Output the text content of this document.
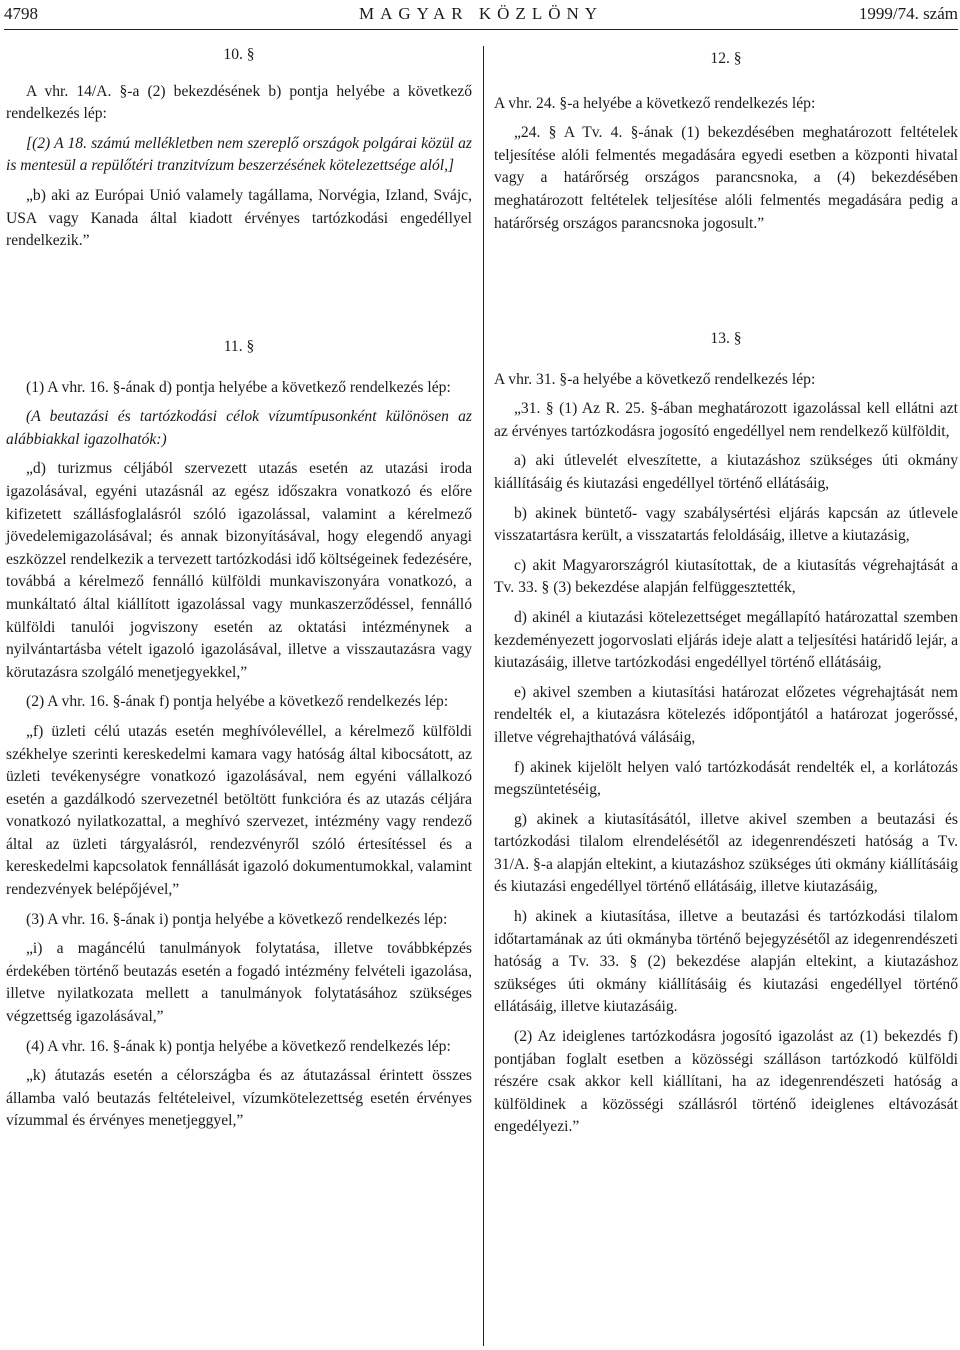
4798	MAGYAR KÖZLÖNY	1999/74. szám

10. §

A vhr. 14/A. §-a (2) bekezdésének b) pontja helyébe a következő rendelkezés lép:

[(2) A 18. számú mellékletben nem szereplő országok polgárai közül az is mentesül a repülőtéri tranzitvízum beszerzésének kötelezettsége alól,]

„b) aki az Európai Unió valamely tagállama, Norvégia, Izland, Svájc, USA vagy Kanada által kiadott érvényes tartózkodási engedéllyel rendelkezik.”

11. §

(1) A vhr. 16. §-ának d) pontja helyébe a következő rendelkezés lép:

(A beutazási és tartózkodási célok vízumtípusonként különösen az alábbiakkal igazolhatók:)

„d) turizmus céljából szervezett utazás esetén az utazási iroda igazolásával, egyéni utazásnál az egész időszakra vonatkozó és előre kifizetett szállásfoglalásról szóló igazolással, valamint a kérelmező jövedelemigazolásával; és annak bizonyításával, hogy elegendő anyagi eszközzel rendelkezik a tervezett tartózkodási idő költségeinek fedezésére, továbbá a kérelmező fennálló külföldi munkaviszonyára vonatkozó, a munkáltató által kiállított igazolással vagy munkaszerződéssel, fennálló külföldi tanulói jogviszony esetén az oktatási intézménynek a nyilvántartásba vételt igazoló igazolásával, illetve a visszautazásra vagy körutazásra szolgáló menetjegyekkel,”

(2) A vhr. 16. §-ának f) pontja helyébe a következő rendelkezés lép:

„f) üzleti célú utazás esetén meghívólevéllel, a kérelmező külföldi székhelye szerinti kereskedelmi kamara vagy hatóság által kibocsátott, az üzleti tevékenységre vonatkozó igazolásával, nem egyéni vállalkozó esetén a gazdálkodó szervezetnél betöltött funkcióra és az utazás céljára vonatkozó nyilatkozattal, a meghívó szervezet, intézmény vagy rendező által az üzleti tárgyalásról, rendezvényről szóló értesítéssel és a kereskedelmi kapcsolatok fennállását igazoló dokumentumokkal, valamint rendezvények belépőjével,”

(3) A vhr. 16. §-ának i) pontja helyébe a következő rendelkezés lép:

„i) a magáncélú tanulmányok folytatása, illetve továbbképzés érdekében történő beutazás esetén a fogadó intézmény felvételi igazolása, illetve nyilatkozata mellett a tanulmányok folytatásához szükséges végzettség igazolásával,”

(4) A vhr. 16. §-ának k) pontja helyébe a következő rendelkezés lép:

„k) átutazás esetén a célországba és az átutazással érintett összes államba való beutazás feltételeivel, vízumkötelezettség esetén érvényes vízummal és érvényes menetjeggyel,”

12. §

A vhr. 24. §-a helyébe a következő rendelkezés lép:

„24. § A Tv. 4. §-ának (1) bekezdésében meghatározott feltételek teljesítése alóli felmentés megadására egyedi esetben a központi hivatal vagy a határőrség országos parancsnoka, a (4) bekezdésében meghatározott feltételek teljesítése alóli felmentés megadására pedig a határőrség országos parancsnoka jogosult.”

13. §

A vhr. 31. §-a helyébe a következő rendelkezés lép:

„31. § (1) Az R. 25. §-ában meghatározott igazolással kell ellátni azt az érvényes tartózkodásra jogosító engedéllyel nem rendelkező külföldit,

a) aki útlevelét elveszítette, a kiutazáshoz szükséges úti okmány kiállításáig és kiutazási engedéllyel történő ellátásáig,

b) akinek büntető- vagy szabálysértési eljárás kapcsán az útlevele visszatartásra került, a visszatartás feloldásáig, illetve a kiutazásig,

c) akit Magyarországról kiutasítottak, de a kiutasítás végrehajtását a Tv. 33. § (3) bekezdése alapján felfüggesztették,

d) akinél a kiutazási kötelezettséget megállapító határozattal szemben kezdeményezett jogorvoslati eljárás ideje alatt a teljesítési határidő lejár, a kiutazásáig, illetve tartózkodási engedéllyel történő ellátásáig,

e) akivel szemben a kiutasítási határozat előzetes végrehajtását nem rendelték el, a kiutazásra kötelezés időpontjától a határozat jogerőssé, illetve végrehajthatóvá válásáig,

f) akinek kijelölt helyen való tartózkodását rendelték el, a korlátozás megszüntetéséig,

g) akinek a kiutasításától, illetve akivel szemben a beutazási és tartózkodási tilalom elrendelésétől az idegenrendészeti hatóság a Tv. 31/A. §-a alapján eltekint, a kiutazáshoz szükséges úti okmány kiállításáig és kiutazási engedéllyel történő ellátásáig, illetve kiutazásáig,

h) akinek a kiutasítása, illetve a beutazási és tartózkodási tilalom időtartamának az úti okmányba történő bejegyzésétől az idegenrendészeti hatóság a Tv. 33. § (2) bekezdése alapján eltekint, a kiutazáshoz szükséges úti okmány kiállításáig és kiutazási engedéllyel történő ellátásáig, illetve kiutazásáig.

(2) Az ideiglenes tartózkodásra jogosító igazolást az (1) bekezdés f) pontjában foglalt esetben a közösségi szálláson tartózkodó külföldi részére csak akkor kell kiállítani, ha az idegenrendészeti hatóság a külföldinek a közösségi szállásról történő ideiglenes eltávozását engedélyezi.”
